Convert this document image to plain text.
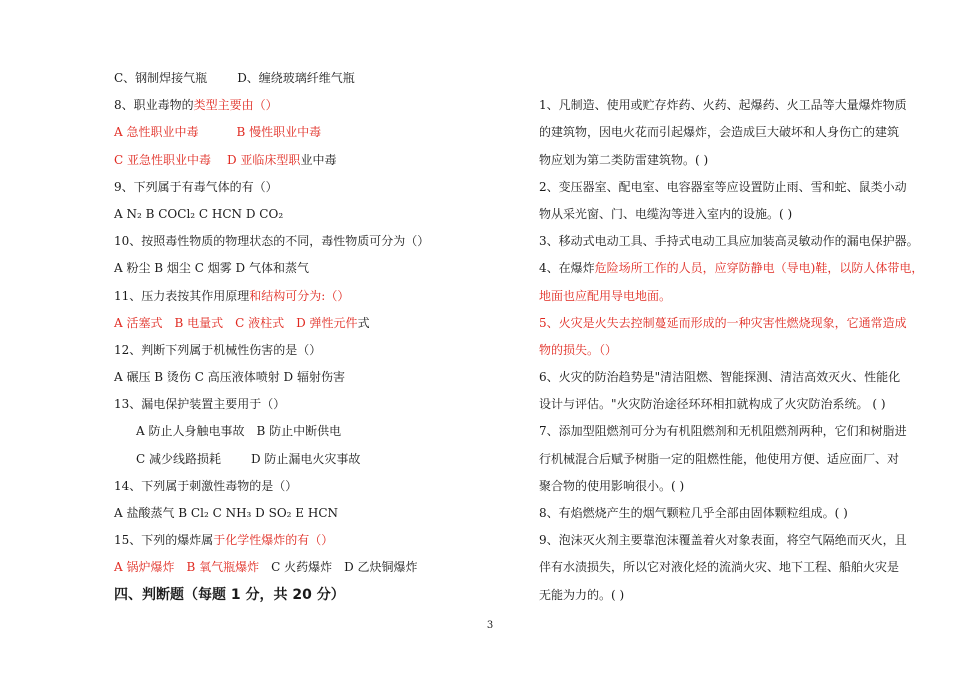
C、钢制焊接气瓶	D、缠绕玻璃纤维气瓶
8、职业毒物的类型主要由（）
A 急性职业中毒	B 慢性职业中毒
C 亚急性职业中毒 D 亚临床型职业中毒
9、下列属于有毒气体的有（）
A N₂ B COCl₂ C HCN D CO₂
10、按照毒性物质的物理状态的不同，毒性物质可分为（）
A 粉尘 B 烟尘 C 烟雾 D 气体和蒸气
11、压力表按其作用原理和结构可分为:（）
A 活塞式 B 电量式 C 液柱式 D 弹性元件式
12、判断下列属于机械性伤害的是（）
A 碾压 B 烫伤 C 高压液体喷射 D 辐射伤害
13、漏电保护装置主要用于（）
A 防止人身触电事故 B 防止中断供电
C 减少线路损耗	D 防止漏电火灾事故
14、下列属于刺激性毒物的是（）
A 盐酸蒸气 B Cl₂ C NH₃ D SO₂ E HCN
15、下列的爆炸属于化学性爆炸的有（）
A 锅炉爆炸 B 氧气瓶爆炸 C 火药爆炸 D 乙炔铜爆炸
四、判断题（每题 1 分，共 20 分）
1、凡制造、使用或贮存炸药、火药、起爆药、火工品等大量爆炸物质
的建筑物，因电火花而引起爆炸，会造成巨大破坏和人身伤亡的建筑
物应划为第二类防雷建筑物。( )
2、变压器室、配电室、电容器室等应设置防止雨、雪和蛇、鼠类小动
物从采光窗、门、电缆沟等进入室内的设施。( )
3、移动式电动工具、手持式电动工具应加装高灵敏动作的漏电保护器。
4、在爆炸危险场所工作的人员，应穿防静电（导电)鞋，以防人体带电，
地面也应配用导电地面。
5、火灾是火失去控制蔓延而形成的一种灾害性燃烧现象，它通常造成
物的损失。（）
6、火灾的防治趋势是"清洁阻燃、智能探测、清洁高效灭火、性能化
设计与评估。"火灾防治途径环环相扣就构成了火灾防治系统。 ( )
7、添加型阻燃剂可分为有机阻燃剂和无机阻燃剂两种，它们和树脂进
行机械混合后赋予树脂一定的阻燃性能，他使用方便、适应面厂、对
聚合物的使用影响很小。( )
8、有焰燃烧产生的烟气颗粒几乎全部由固体颗粒组成。( )
9、泡沫灭火剂主要靠泡沫覆盖着火对象表面，将空气隔绝而灭火，且
伴有水渍损失，所以它对液化烃的流淌火灾、地下工程、船舶火灾是
无能为力的。( )
3
